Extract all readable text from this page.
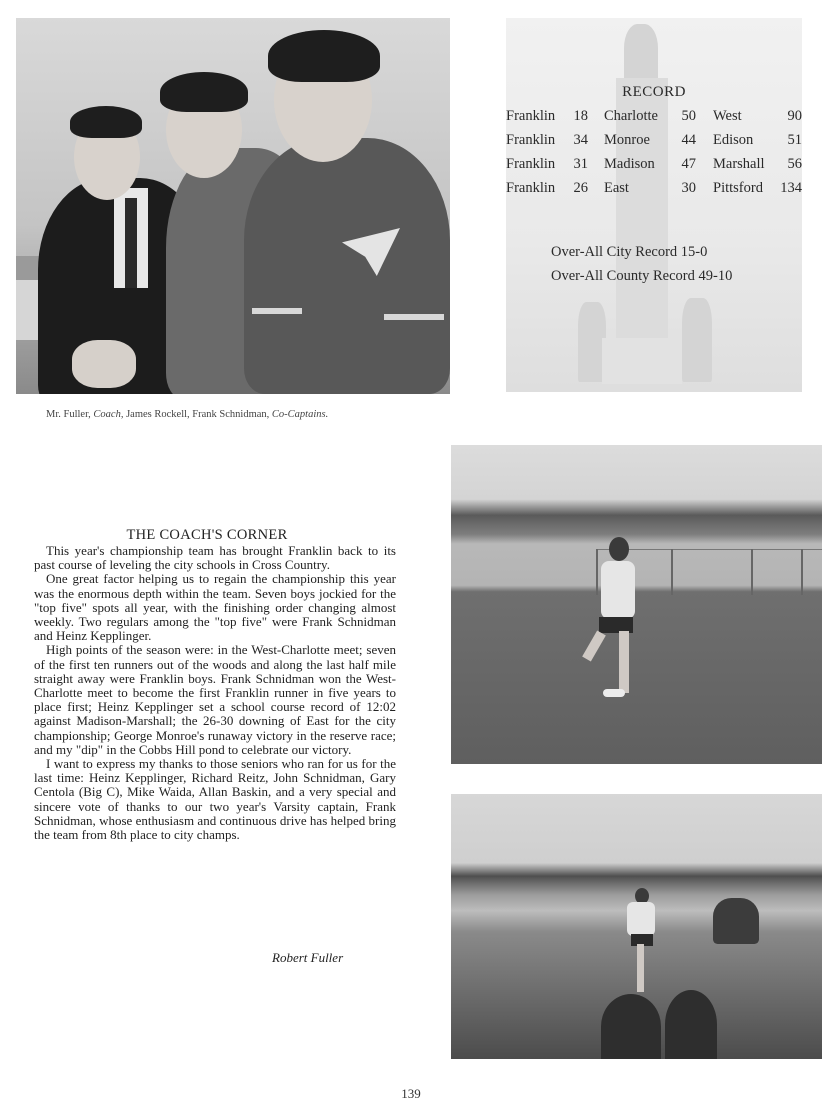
RECORD
Franklin 18 Charlotte	50 West	90
Franklin 34 Monroe	44 Edison	51
Franklin 31 Madison	47 Marshall	56
Franklin 26 East	30 Pittsford	134
Over-All City Record 15-0
Over-All County Record 49-10
Mr. Fuller, Coach, James Rockell, Frank Schnidman, Co-Captains.
THE COACH'S CORNER

This year's championship team has brought Franklin back to its past course of leveling the city schools in Cross Country.

One great factor helping us to regain the championship this year was the enormous depth within the team. Seven boys jockied for the "top five" spots all year, with the finishing order changing almost weekly. Two regulars among the "top five" were Frank Schnidman and Heinz Kepplinger.

High points of the season were: in the West-Charlotte meet; seven of the first ten runners out of the woods and along the last half mile straight away were Franklin boys. Frank Schnidman won the West-Charlotte meet to become the first Franklin runner in five years to place first; Heinz Kepplinger set a school course record of 12:02 against Madison-Marshall; the 26-30 downing of East for the city championship; George Monroe's runaway victory in the reserve race; and my "dip" in the Cobbs Hill pond to celebrate our victory.

I want to express my thanks to those seniors who ran for us for the last time: Heinz Kepplinger, Richard Reitz, John Schnidman, Gary Centola (Big C), Mike Waida, Allan Baskin, and a very special and sincere vote of thanks to our two year's Varsity captain, Frank Schnidman, whose enthusiasm and continuous drive has helped bring the team from 8th place to city champs.

Robert Fuller
139
